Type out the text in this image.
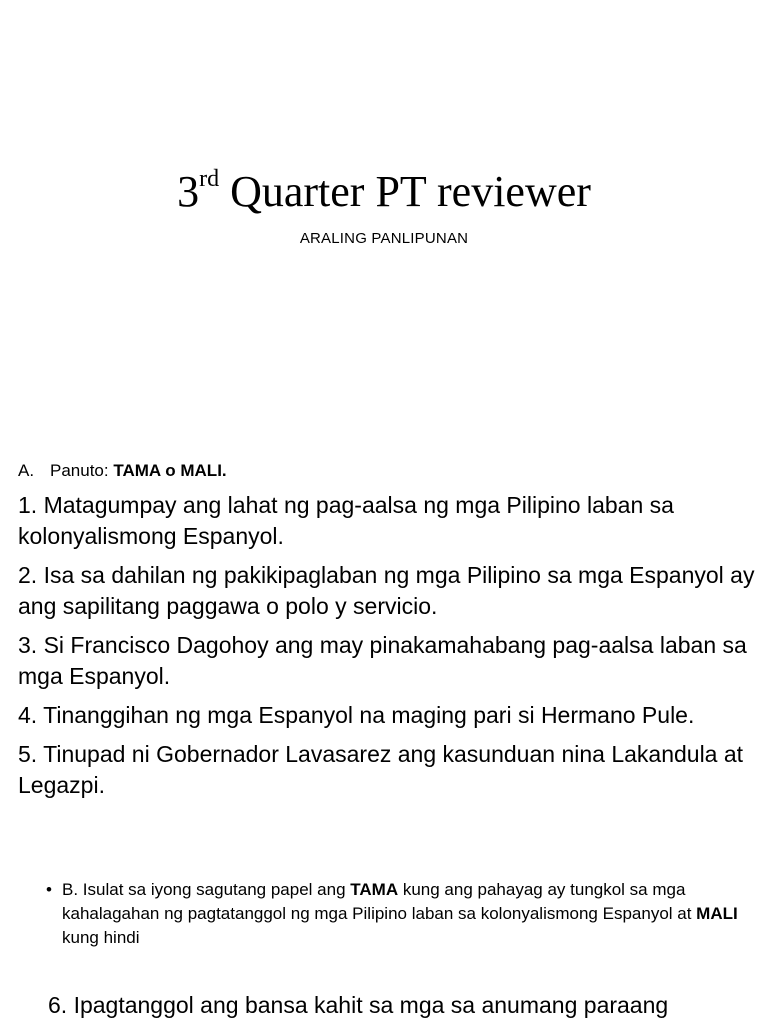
3rd Quarter PT reviewer
ARALING PANLIPUNAN
A. Panuto: TAMA o MALI.
1. Matagumpay ang lahat ng pag-aalsa ng mga Pilipino laban sa kolonyalismong Espanyol.
2. Isa sa dahilan ng pakikipaglaban ng mga Pilipino sa mga Espanyol ay ang sapilitang paggawa o polo y servicio.
3. Si Francisco Dagohoy ang may pinakamahabang pag-aalsa laban sa mga Espanyol.
4. Tinanggihan ng mga Espanyol na maging pari si Hermano Pule.
5. Tinupad ni Gobernador Lavasarez ang kasunduan nina Lakandula at Legazpi.
• B. Isulat sa iyong sagutang papel ang TAMA kung ang pahayag ay tungkol sa mga kahalagahan ng pagtatanggol ng mga Pilipino laban sa kolonyalismong Espanyol at MALI kung hindi
6. Ipagtanggol ang bansa kahit sa mga sa anumang paraang
